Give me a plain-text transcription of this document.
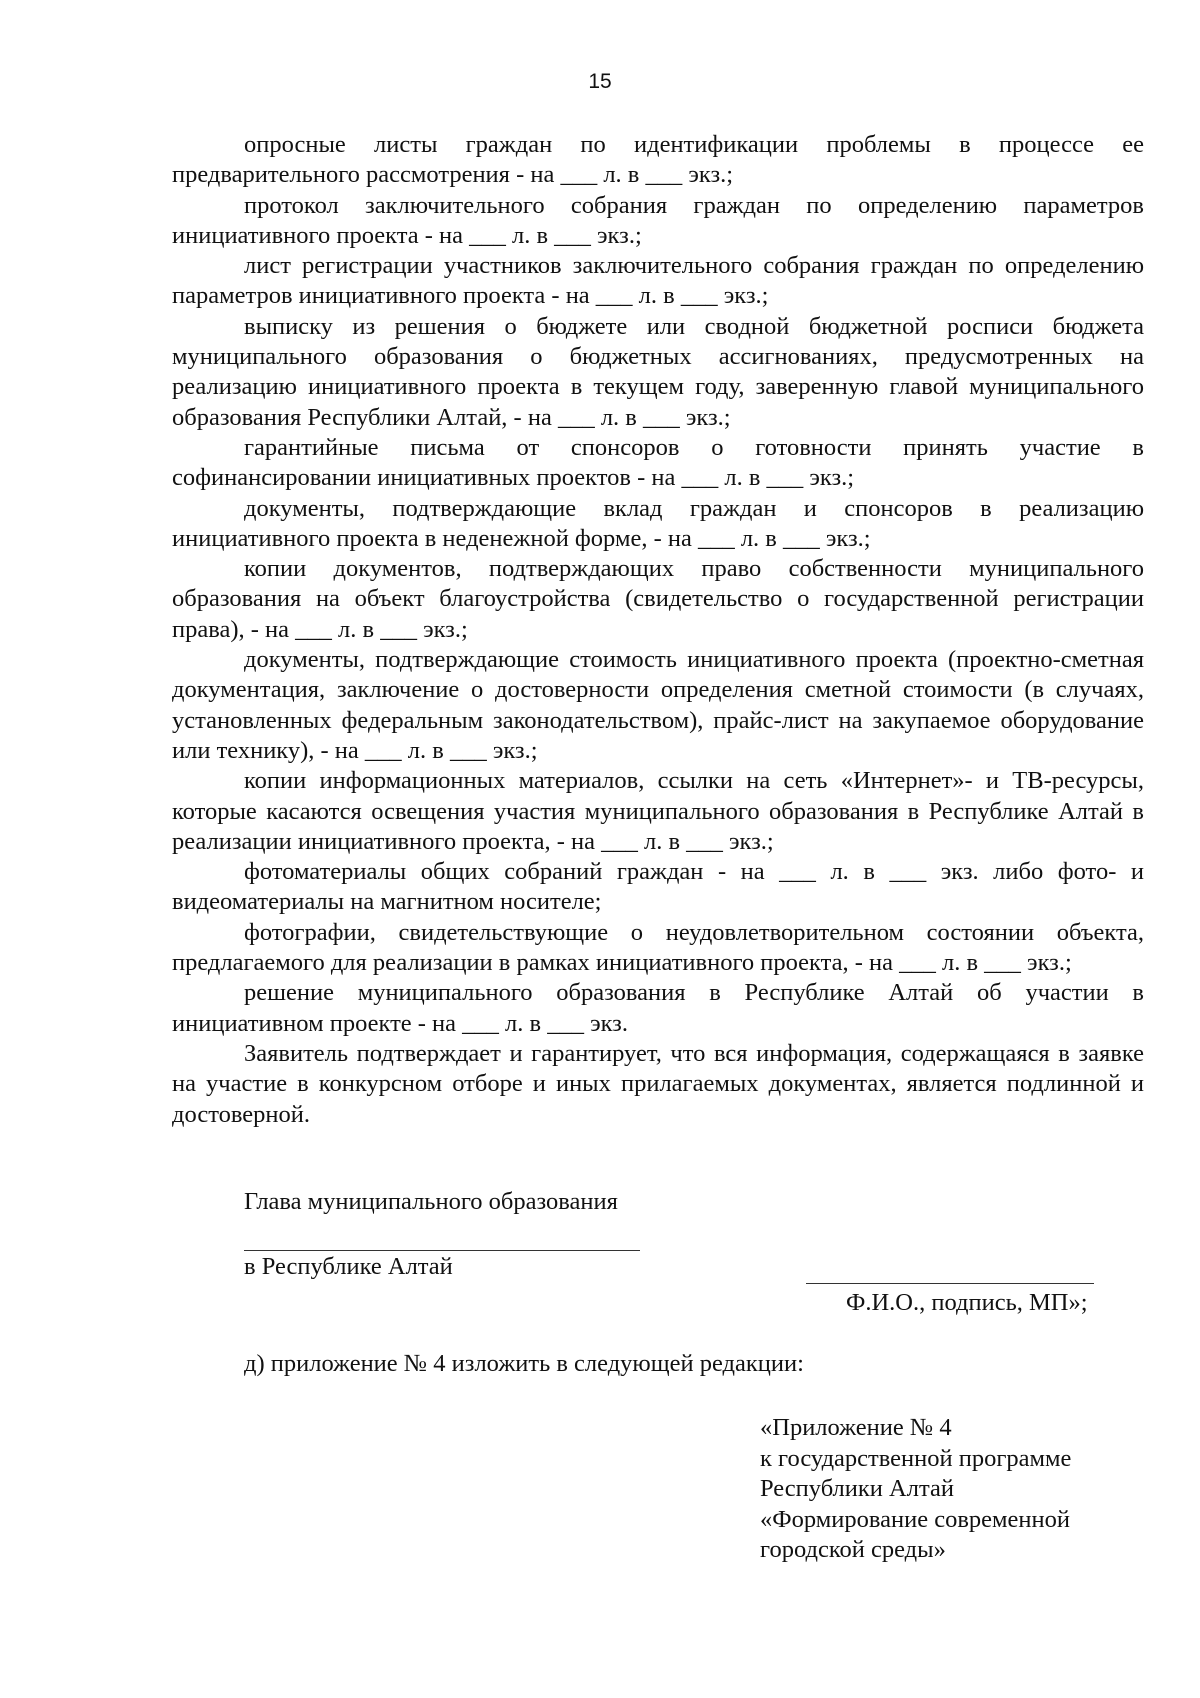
15

опросные листы граждан по идентификации проблемы в процессе ее предварительного рассмотрения - на ___ л. в ___ экз.;

протокол заключительного собрания граждан по определению параметров инициативного проекта - на ___ л. в ___ экз.;

лист регистрации участников заключительного собрания граждан по определению параметров инициативного проекта - на ___ л. в ___ экз.;

выписку из решения о бюджете или сводной бюджетной росписи бюджета муниципального образования о бюджетных ассигнованиях, предусмотренных на реализацию инициативного проекта в текущем году, заверенную главой муниципального образования Республики Алтай, - на ___ л. в ___ экз.;

гарантийные письма от спонсоров о готовности принять участие в софинансировании инициативных проектов - на ___ л. в ___ экз.;

документы, подтверждающие вклад граждан и спонсоров в реализацию инициативного проекта в неденежной форме, - на ___ л. в ___ экз.;

копии документов, подтверждающих право собственности муниципального образования на объект благоустройства (свидетельство о государственной регистрации права), - на ___ л. в ___ экз.;

документы, подтверждающие стоимость инициативного проекта (проектно-сметная документация, заключение о достоверности определения сметной стоимости (в случаях, установленных федеральным законодательством), прайс-лист на закупаемое оборудование или технику), - на ___ л. в ___ экз.;

копии информационных материалов, ссылки на сеть «Интернет»- и ТВ-ресурсы, которые касаются освещения участия муниципального образования в Республике Алтай в реализации инициативного проекта, - на ___ л. в ___ экз.;

фотоматериалы общих собраний граждан - на ___ л. в ___ экз. либо фото- и видеоматериалы на магнитном носителе;

фотографии, свидетельствующие о неудовлетворительном состоянии объекта, предлагаемого для реализации в рамках инициативного проекта, - на ___ л. в ___ экз.;

решение муниципального образования в Республике Алтай об участии в инициативном проекте - на ___ л. в ___ экз.

Заявитель подтверждает и гарантирует, что вся информация, содержащаяся в заявке на участие в конкурсном отборе и иных прилагаемых документах, является подлинной и достоверной.

Глава муниципального образования
в Республике Алтай
Ф.И.О., подпись, МП»;
д) приложение № 4 изложить в следующей редакции:
«Приложение № 4
к государственной программе
Республики Алтай
«Формирование современной
городской среды»
